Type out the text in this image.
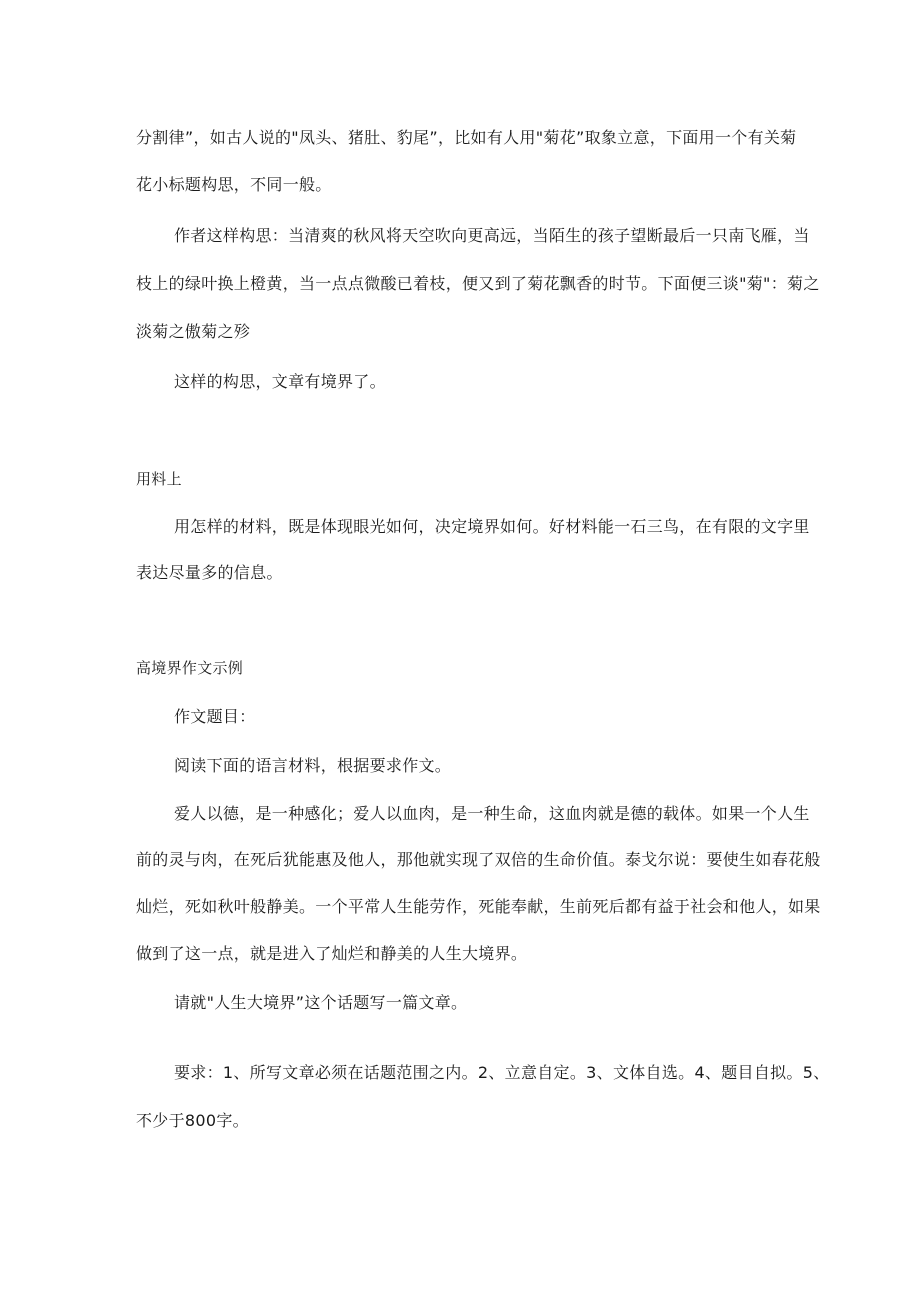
分割律”，如古人说的"凤头、猪肚、豹尾”，比如有人用"菊花”取象立意，下面用一个有关菊
花小标题构思，不同一般。
作者这样构思：当清爽的秋风将天空吹向更高远，当陌生的孩子望断最后一只南飞雁，当
枝上的绿叶换上橙黄，当一点点微酸已着枝，便又到了菊花飘香的时节。下面便三谈"菊"：菊之
淡菊之傲菊之殄
这样的构思，文章有境界了。
用料上
用怎样的材料，既是体现眼光如何，决定境界如何。好材料能一石三鸟，在有限的文字里
表达尽量多的信息。
高境界作文示例
作文题目：
阅读下面的语言材料，根据要求作文。
爱人以德，是一种感化；爱人以血肉，是一种生命，这血肉就是德的载体。如果一个人生
前的灵与肉，在死后犹能惠及他人，那他就实现了双倍的生命价值。泰戈尔说：要使生如春花般
灿烂，死如秋叶般静美。一个平常人生能劳作，死能奉献，生前死后都有益于社会和他人，如果
做到了这一点，就是进入了灿烂和静美的人生大境界。
请就"人生大境界”这个话题写一篇文章。
要求：1、所写文章必须在话题范围之内。2、立意自定。3、文体自选。4、题目自拟。5、
不少于800字。
